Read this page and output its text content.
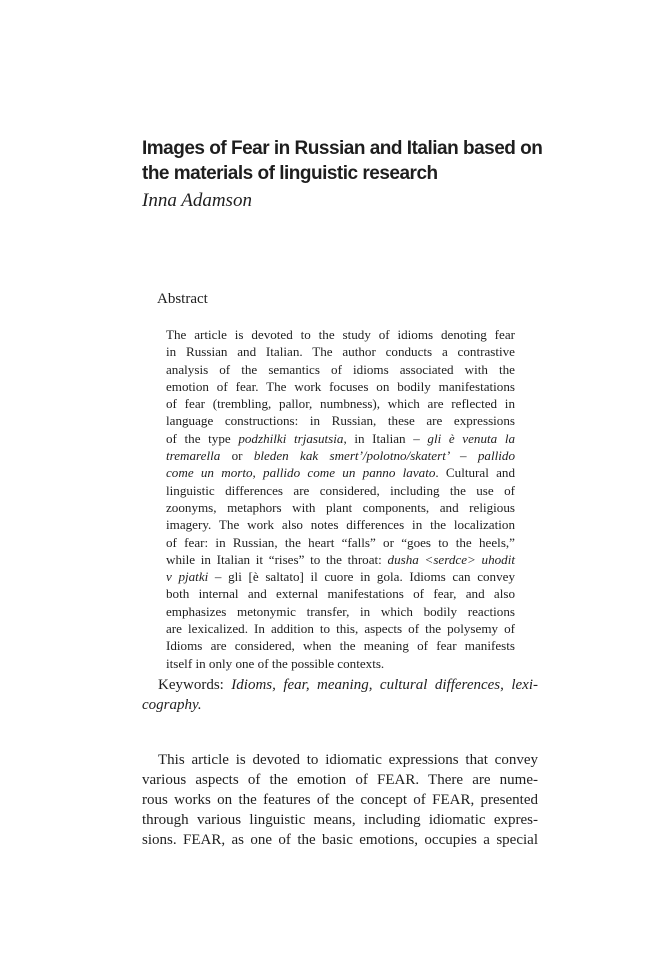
Images of Fear in Russian and Italian based on
the materials of linguistic research

Inna Adamson

Abstract

The article is devoted to the study of idioms denoting fear
in Russian and Italian. The author conducts a contrastive
analysis of the semantics of idioms associated with the
emotion of fear. The work focuses on bodily manifestations
of fear (trembling, pallor, numbness), which are reflected in
language constructions: in Russian, these are expressions
of the type podzhilki trjasutsia, in Italian – gli è venuta la
tremarella or bleden kak smert’/polotno/skatert’ – pallido
come un morto, pallido come un panno lavato. Cultural and
linguistic differences are considered, including the use of
zoonyms, metaphors with plant components, and religious
imagery. The work also notes differences in the localization
of fear: in Russian, the heart “falls” or “goes to the heels,”
while in Italian it “rises” to the throat: dusha <serdce> uhodit
v pjatki – gli [è saltato] il cuore in gola. Idioms can convey
both internal and external manifestations of fear, and also
emphasizes metonymic transfer, in which bodily reactions
are lexicalized. In addition to this, aspects of the polysemy of
Idioms are considered, when the meaning of fear manifests
itself in only one of the possible contexts.
Keywords: Idioms, fear, meaning, cultural differences, lexi-
cography.
This article is devoted to idiomatic expressions that convey
various aspects of the emotion of FEAR. There are nume-
rous works on the features of the concept of FEAR, presented
through various linguistic means, including idiomatic expres-
sions. FEAR, as one of the basic emotions, occupies a special
